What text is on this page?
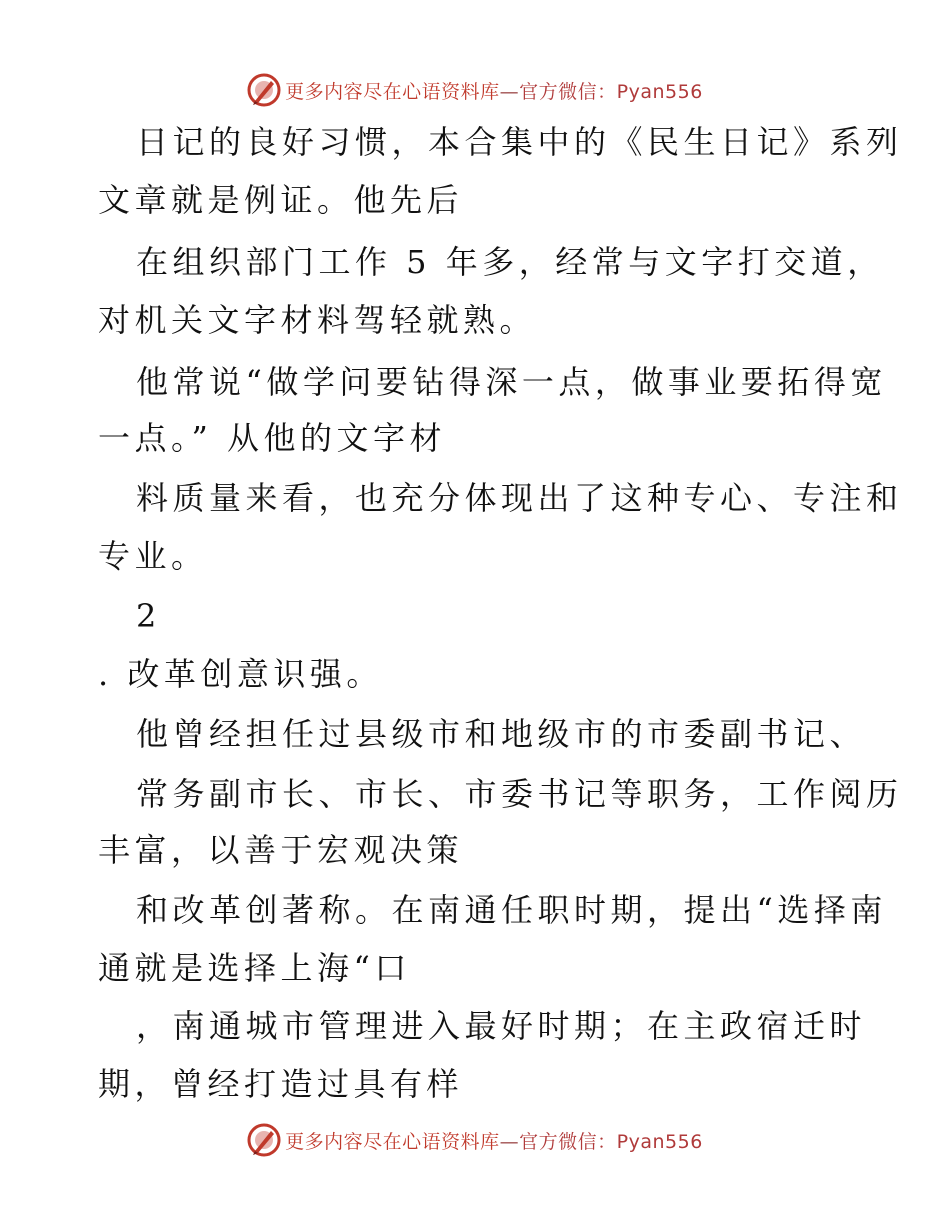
更多内容尽在心语资料库—官方微信：Pyan556
日记的良好习惯，本合集中的《民生日记》系列
文章就是例证。他先后
在组织部门工作 5 年多，经常与文字打交道，
对机关文字材料驾轻就熟。
他常说“做学问要钻得深一点，做事业要拓得宽
一点。” 从他的文字材
料质量来看，也充分体现出了这种专心、专注和
专业。
2
. 改革创意识强。
他曾经担任过县级市和地级市的市委副书记、
常务副市长、市长、市委书记等职务，工作阅历
丰富，以善于宏观决策
和改革创著称。在南通任职时期，提出“选择南
通就是选择上海“口
，南通城市管理进入最好时期；在主政宿迁时
期，曾经打造过具有样
更多内容尽在心语资料库—官方微信：Pyan556
